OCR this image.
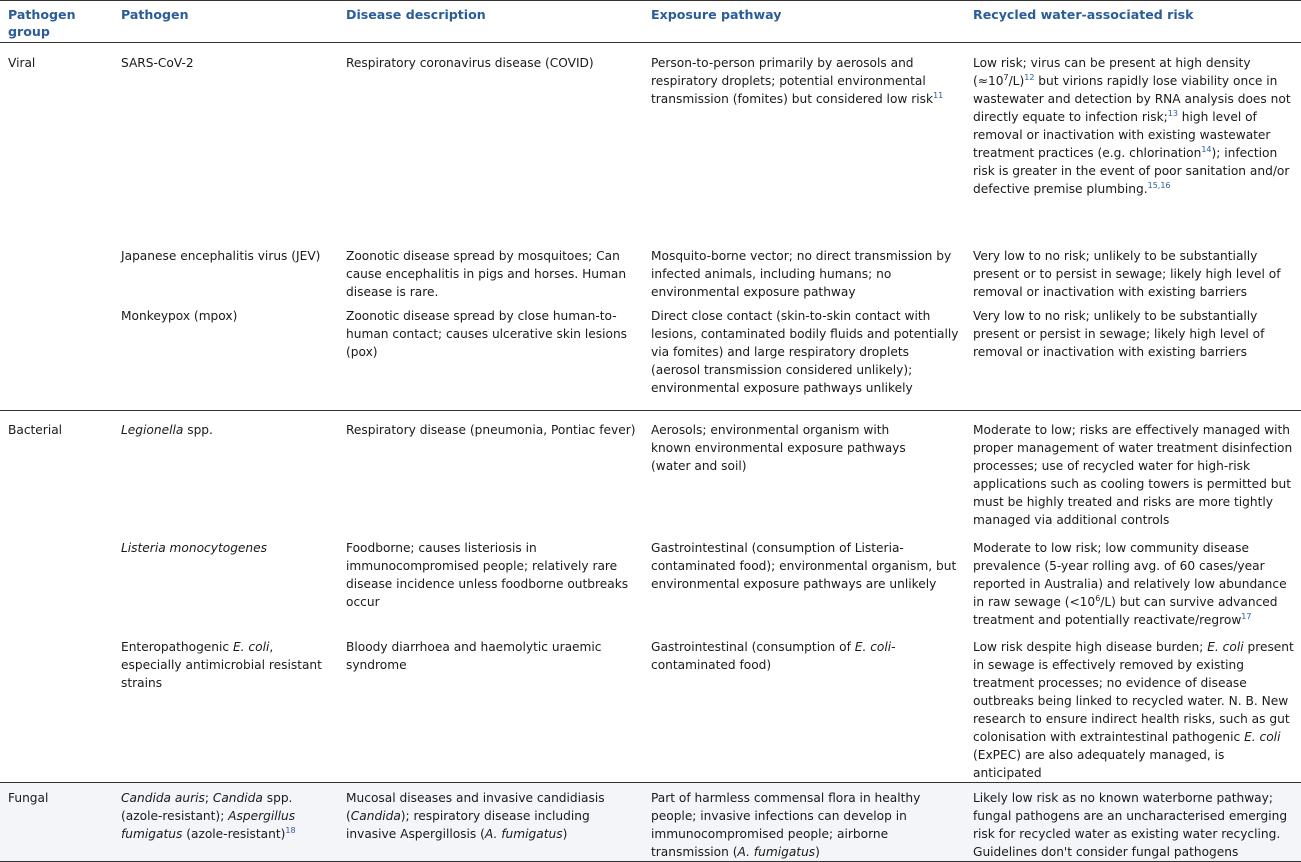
Pathogen group	Pathogen	Disease description	Exposure pathway	Recycled water-associated risk

Viral	SARS-CoV-2	Respiratory coronavirus disease (COVID)	Person-to-person primarily by aerosols and respiratory droplets; potential environmental transmission (fomites) but considered low risk$^{11}$	Low risk; virus can be present at high density $(\approx 10^7/L)^{12}$ but virions rapidly lose viability once in wastewater and detection by RNA analysis does not directly equate to infection risk;$^{13}$ high level of removal or inactivation with existing wastewater treatment practices (e.g. chlorination$^{14}$); infection risk is greater in the event of poor sanitation and/or defective premise plumbing.$^{15,16}$

	Japanese encephalitis virus (JEV)	Zoonotic disease spread by mosquitoes; Can cause encephalitis in pigs and horses. Human disease is rare.	Mosquito-borne vector; no direct transmission by infected animals, including humans; no environmental exposure pathway	Very low to no risk; unlikely to be substantially present or to persist in sewage; likely high level of removal or inactivation with existing barriers

	Monkeypox (mpox)	Zoonotic disease spread by close human-to-human contact; causes ulcerative skin lesions (pox)	Direct close contact (skin-to-skin contact with lesions, contaminated bodily fluids and potentially via fomites) and large respiratory droplets (aerosol transmission considered unlikely); environmental exposure pathways unlikely	Very low to no risk; unlikely to be substantially present or persist in sewage; likely high level of removal or inactivation with existing barriers

Bacterial	Legionella spp.	Respiratory disease (pneumonia, Pontiac fever)	Aerosols; environmental organism with known environmental exposure pathways (water and soil)	Moderate to low; risks are effectively managed with proper management of water treatment disinfection processes; use of recycled water for high-risk applications such as cooling towers is permitted but must be highly treated and risks are more tightly managed via additional controls

	Listeria monocytogenes	Foodborne; causes listeriosis in immunocompromised people; relatively rare disease incidence unless foodborne outbreaks occur	Gastrointestinal (consumption of Listeria-contaminated food); environmental organism, but environmental exposure pathways are unlikely	Moderate to low risk; low community disease prevalence (5-year rolling avg. of 60 cases/year reported in Australia) and relatively low abundance in raw sewage $(<10^6/L)$ but can survive advanced treatment and potentially reactivate/regrow$^{17}$

	Enteropathogenic E. coli, especially antimicrobial resistant strains	Bloody diarrhoea and haemolytic uraemic syndrome	Gastrointestinal (consumption of E. coli-contaminated food)	Low risk despite high disease burden; E. coli present in sewage is effectively removed by existing treatment processes; no evidence of disease outbreaks being linked to recycled water. N. B. New research to ensure indirect health risks, such as gut colonisation with extraintestinal pathogenic E. coli (ExPEC) are also adequately managed, is anticipated

Fungal	Candida auris; Candida spp. (azole-resistant); Aspergillus fumigatus (azole-resistant)$^{18}$	Mucosal diseases and invasive candidiasis (Candida); respiratory disease including invasive Aspergillosis (A. fumigatus)	Part of harmless commensal flora in healthy people; invasive infections can develop in immunocompromised people; airborne transmission (A. fumigatus)	Likely low risk as no known waterborne pathway; fungal pathogens are an uncharacterised emerging risk for recycled water as existing water recycling. Guidelines don't consider fungal pathogens
